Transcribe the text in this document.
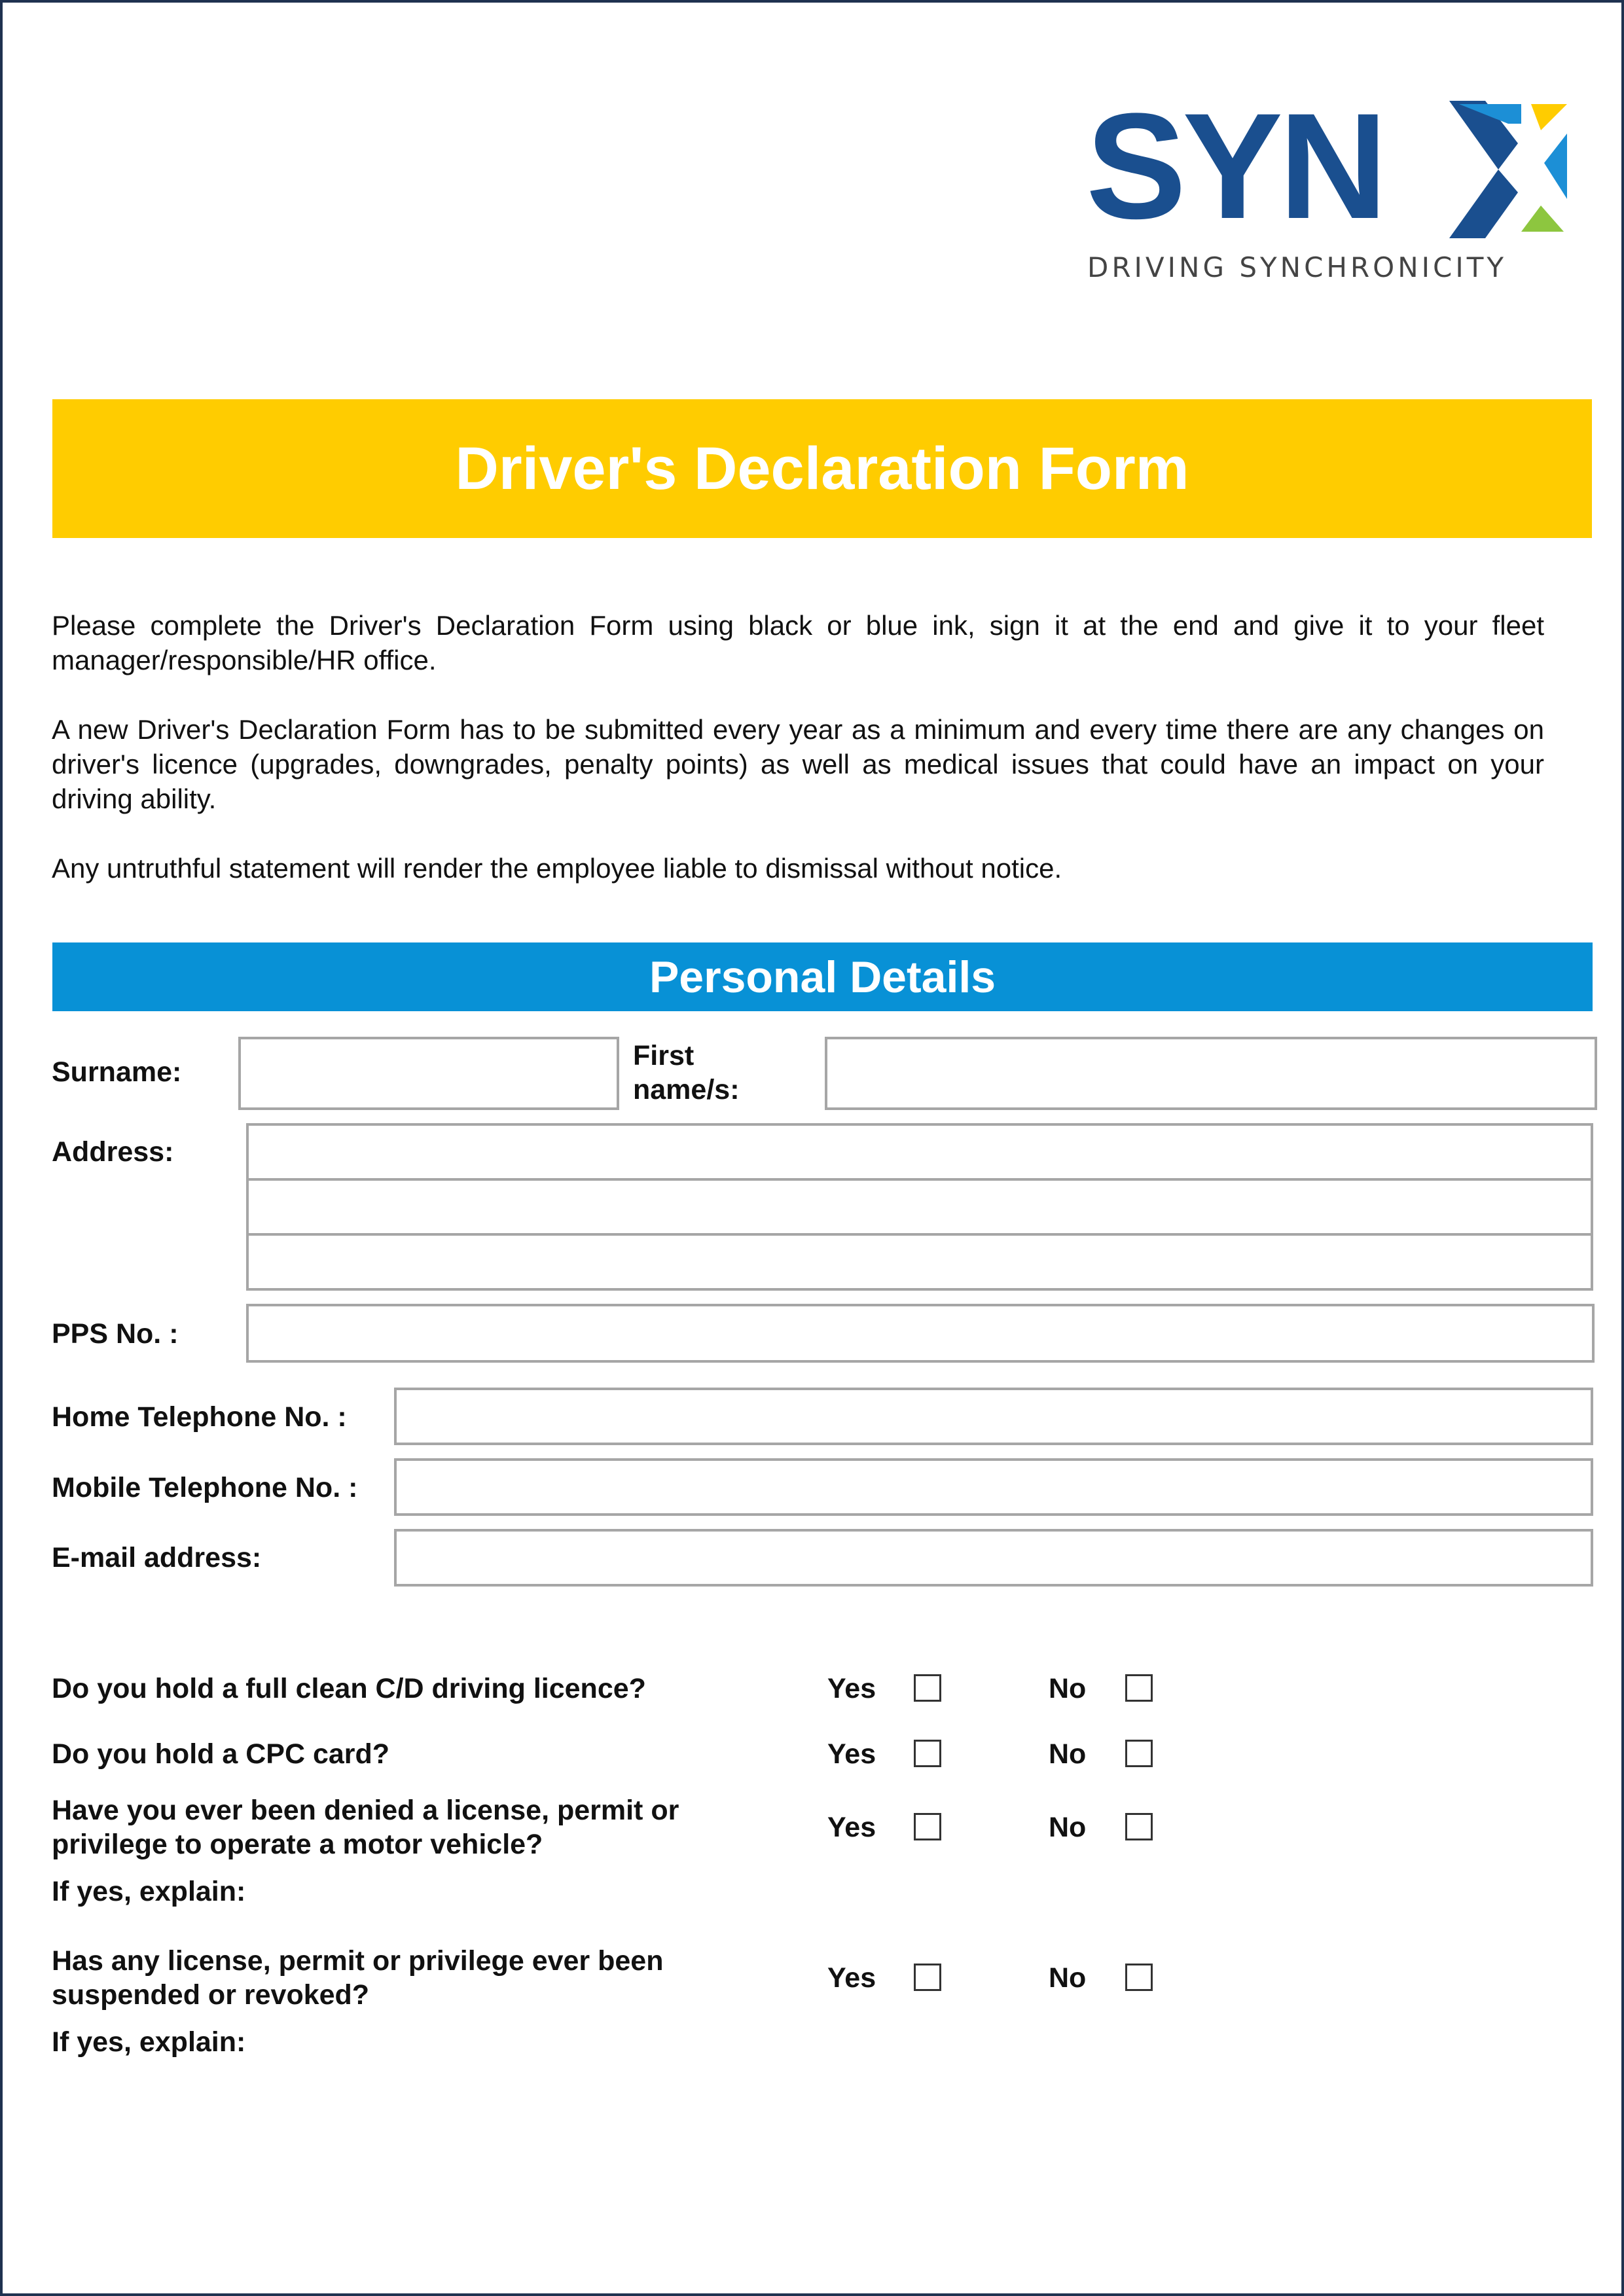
SYN
DRIVING SYNCHRONICITY
Driver's Declaration Form
Please complete the Driver's Declaration Form using black or blue ink, sign it at the end and give it to your fleet manager/responsible/HR office.
A new Driver's Declaration Form has to be submitted every year as a minimum and every time there are any changes on driver's licence (upgrades, downgrades, penalty points) as well as medical issues that could have an impact on your driving ability.
Any untruthful statement will render the employee liable to dismissal without notice.
Personal Details
Surname:
First
name/s:
Address:
PPS No. :
Home Telephone No. :
Mobile Telephone No. :
E-mail address:
Do you hold a full clean C/D driving licence?	Yes	No
Do you hold a CPC card?	Yes	No
Have you ever been denied a license, permit or privilege to operate a motor vehicle?
Yes	No
If yes, explain:
Has any license, permit or privilege ever been suspended or revoked?
Yes	No
If yes, explain:
